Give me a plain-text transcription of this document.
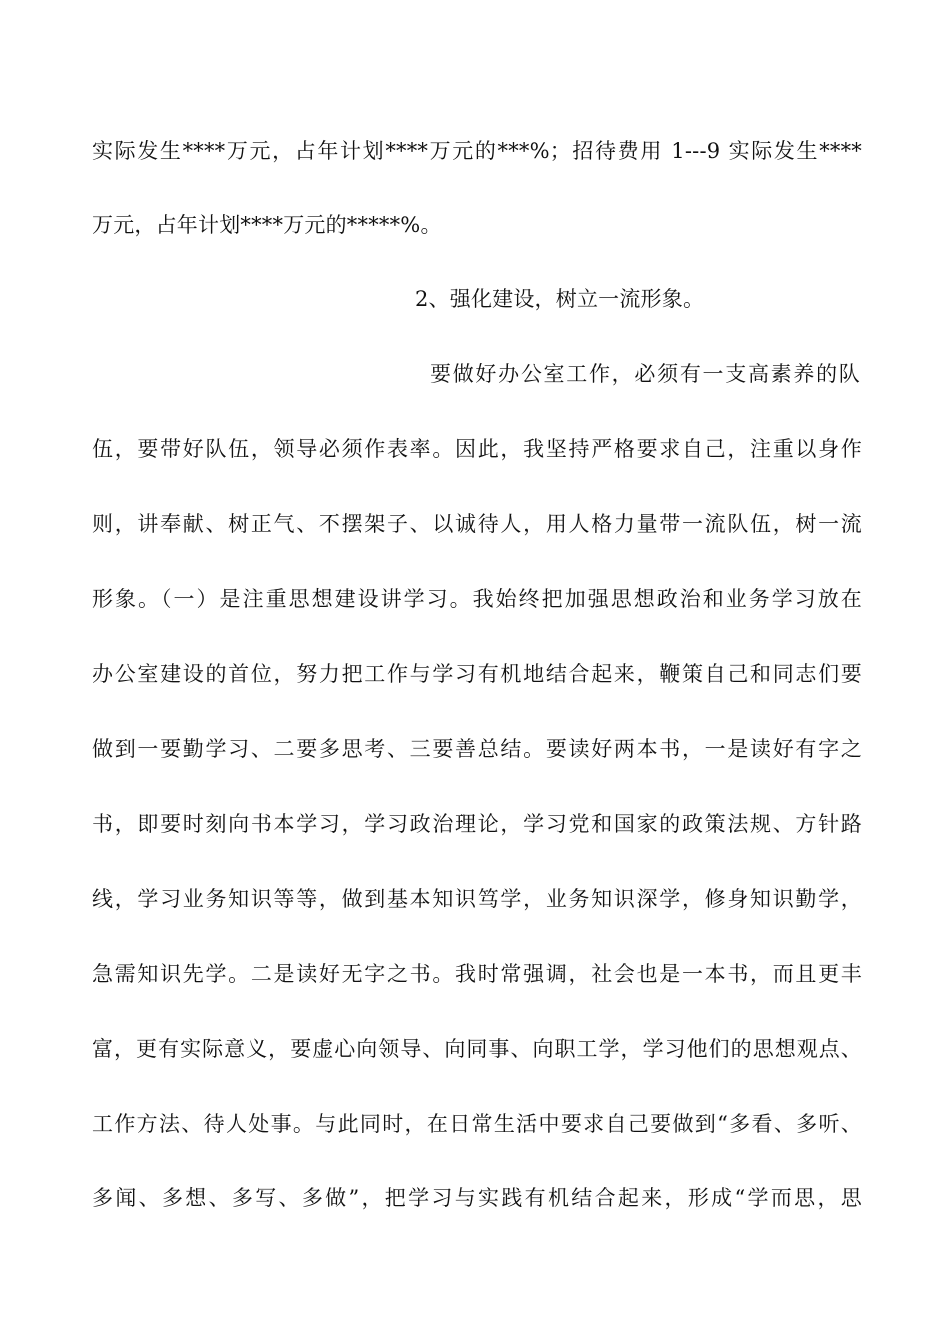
实际发生****万元，占年计划****万元的***%；招待费用 1---9 实际发生****
万元，占年计划****万元的*****%。
2、强化建设，树立一流形象。
要做好办公室工作，必须有一支高素养的队
伍，要带好队伍，领导必须作表率。因此，我坚持严格要求自己，注重以身作
则，讲奉献、树正气、不摆架子、以诚待人，用人格力量带一流队伍，树一流
形象。（一）是注重思想建设讲学习。我始终把加强思想政治和业务学习放在
办公室建设的首位，努力把工作与学习有机地结合起来，鞭策自己和同志们要
做到一要勤学习、二要多思考、三要善总结。要读好两本书，一是读好有字之
书，即要时刻向书本学习，学习政治理论，学习党和国家的政策法规、方针路
线，学习业务知识等等，做到基本知识笃学，业务知识深学，修身知识勤学，
急需知识先学。二是读好无字之书。我时常强调，社会也是一本书，而且更丰
富，更有实际意义，要虚心向领导、向同事、向职工学，学习他们的思想观点、
工作方法、待人处事。与此同时，在日常生活中要求自己要做到“多看、多听、
多闻、多想、多写、多做”，把学习与实践有机结合起来，形成“学而思，思
